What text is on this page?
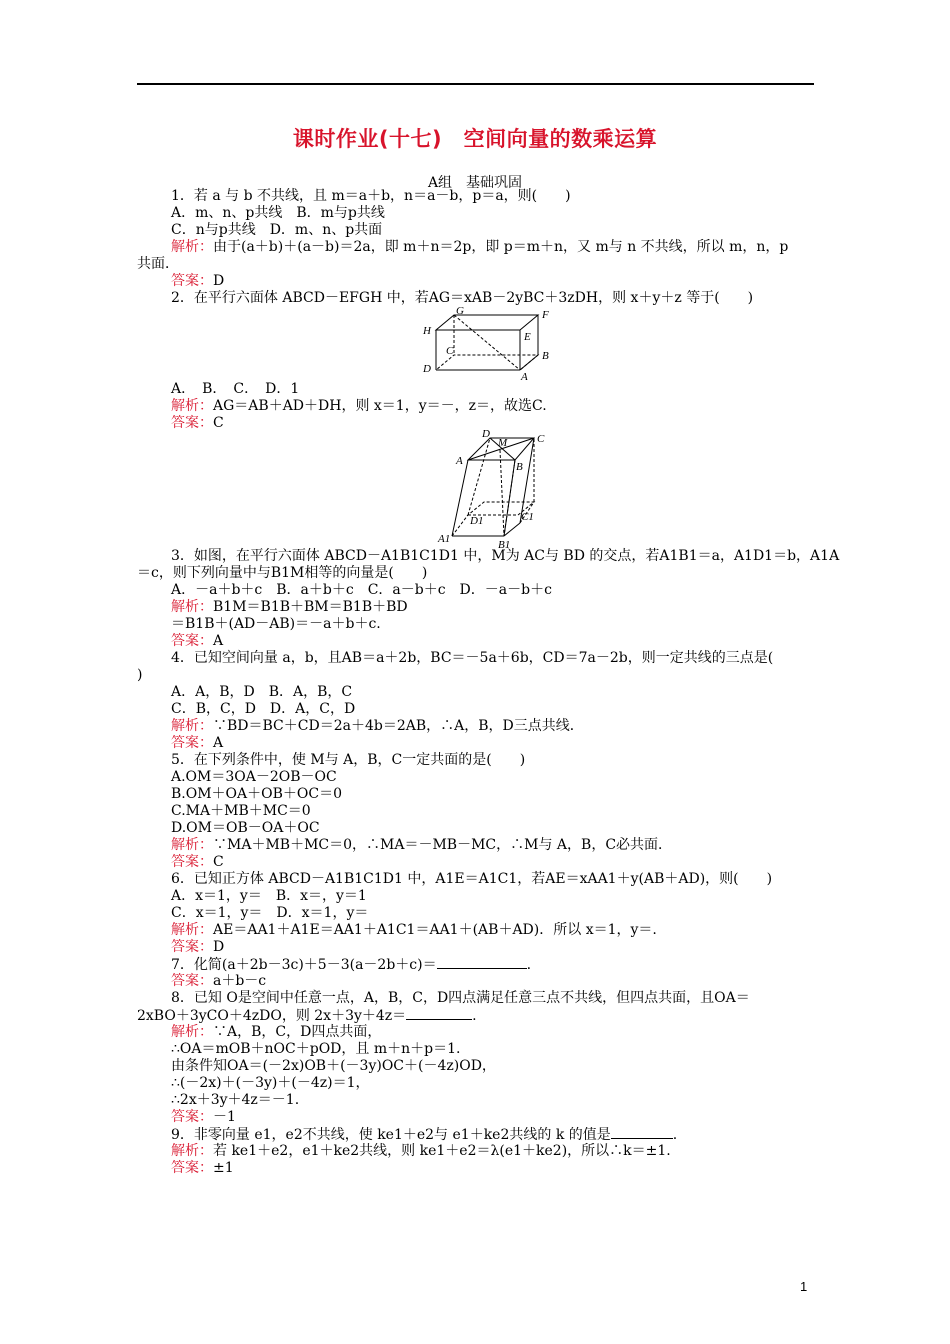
课时作业(十七)　空间向量的数乘运算
A组　基础巩固
1．若 a 与 b 不共线，且 m＝a＋b，n＝a－b，p＝a，则(　　)
A．m、n、p共线　B．m与p共线
C．n与p共线　D．m、n、p共面
解析：由于(a＋b)＋(a－b)＝2a，即 m＋n＝2p，即 p＝m＋n，又 m与 n 不共线，所以 m，n，p
共面．
答案：D
2．在平行六面体 ABCD－EFGH 中，若AG＝xAB－2yBC＋3zDH，则 x＋y＋z 等于(　　)
G	F
H	E
C	B
D
A
A．　B．　C．　D．1
解析：AG＝AB＋AD＋DH，则 x＝1，y＝－，z＝，故选C.
答案：C
D
M	C
A	B
D1	C1
A1	B1
3．如图，在平行六面体 ABCD－A1B1C1D1 中，M为 AC与 BD 的交点，若A1B1＝a，A1D1＝b，A1A
＝c，则下列向量中与B1M相等的向量是(　　)
A．－a＋b＋c　B．a＋b＋c　C．a－b＋c　D．－a－b＋c
解析：B1M＝B1B＋BM＝B1B＋BD
＝B1B＋(AD－AB)＝－a＋b＋c.
答案：A
4．已知空间向量 a，b，且AB＝a＋2b，BC＝－5a＋6b，CD＝7a－2b，则一定共线的三点是(
)
A．A，B，D　B．A，B，C
C．B，C，D　D．A，C，D
解析：∵BD＝BC＋CD＝2a＋4b＝2AB，∴A，B，D三点共线．
答案：A
5．在下列条件中，使 M与 A，B，C一定共面的是(　　)
A.OM＝3OA－2OB－OC
B.OM＋OA＋OB＋OC＝0
C.MA＋MB＋MC＝0
D.OM＝OB－OA＋OC
解析：∵MA＋MB＋MC＝0，∴MA＝－MB－MC，∴M与 A，B，C必共面．
答案：C
6．已知正方体 ABCD－A1B1C1D1 中，A1E＝A1C1，若AE＝xAA1＋y(AB＋AD)，则(　　)
A．x＝1，y＝　B．x＝，y＝1
C．x＝1，y＝　D．x＝1，y＝
解析：AE＝AA1＋A1E＝AA1＋A1C1＝AA1＋(AB＋AD)．所以 x＝1，y＝.
答案：D
7．化简(a＋2b－3c)＋5－3(a－2b＋c)＝	.
答案：a＋b－c
8．已知 O是空间中任意一点，A，B，C，D四点满足任意三点不共线，但四点共面，且OA＝
2xBO＋3yCO＋4zDO，则 2x＋3y＋4z＝	.
解析：∵A，B，C，D四点共面，
∴OA＝mOB＋nOC＋pOD，且 m＋n＋p＝1.
由条件知OA＝(－2x)OB＋(－3y)OC＋(－4z)OD，
∴(－2x)＋(－3y)＋(－4z)＝1，
∴2x＋3y＋4z＝－1.
答案：－1
9．非零向量 e1，e2不共线，使 ke1＋e2与 e1＋ke2共线的 k 的值是	.
解析：若 ke1＋e2，e1＋ke2共线，则 ke1＋e2＝λ(e1＋ke2)，所以∴k＝±1.
答案：±1
1
